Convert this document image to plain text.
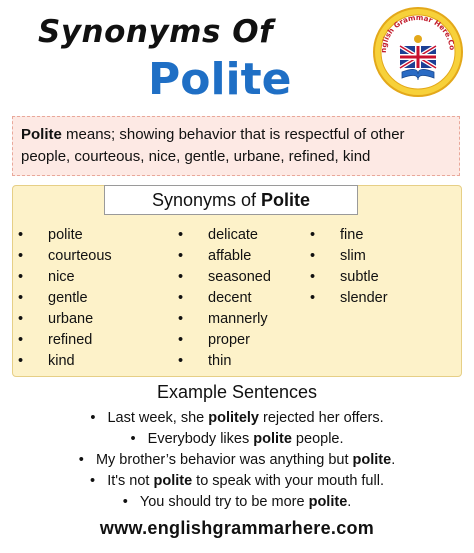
Synonyms Of
Polite
nglish Grammar Here.Co
Polite means; showing behavior that is respectful of other people, courteous, nice, gentle, urbane, refined, kind
Synonyms of Polite
• polite
• courteous
• nice
• gentle
• urbane
• refined
• kind
• delicate
• affable
• seasoned
• decent
• mannerly
• proper
• thin
• fine
• slim
• subtle
• slender
Example Sentences
• Last week, she politely rejected her offers.
• Everybody likes polite people.
• My brother’s behavior was anything but polite.
• It's not polite to speak with your mouth full.
• You should try to be more polite.
www.englishgrammarhere.com
